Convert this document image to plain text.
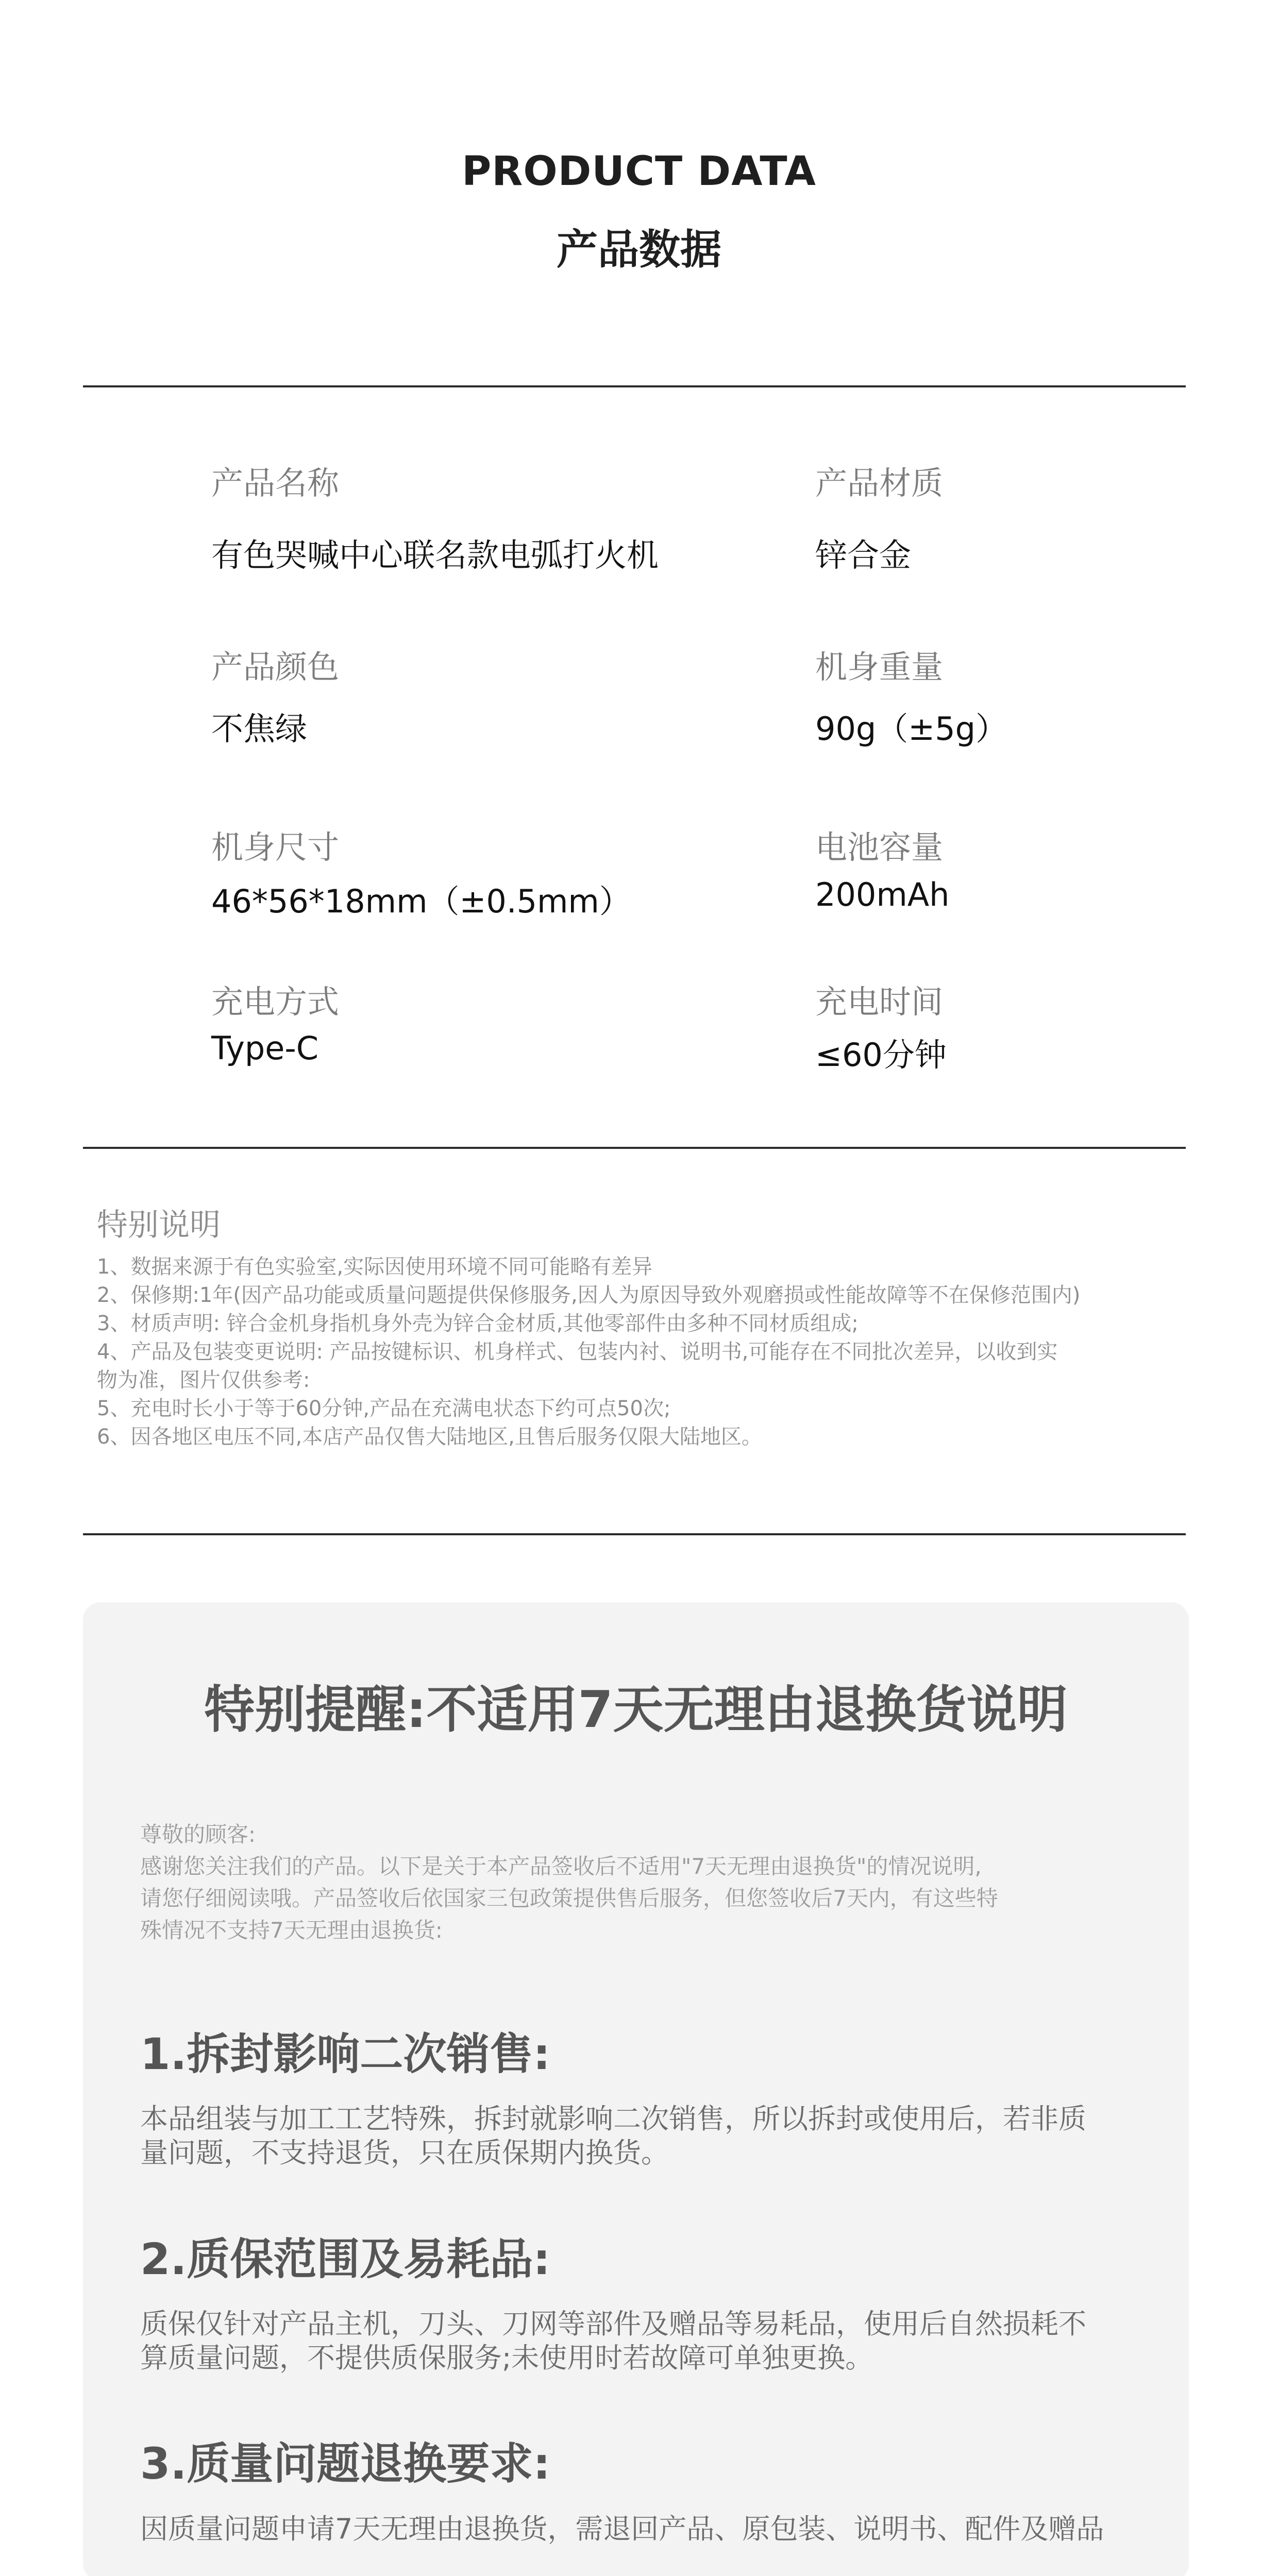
PRODUCT DATA
产品数据
产品名称
有色哭喊中心联名款电弧打火机
产品材质
锌合金
产品颜色
不焦绿
机身重量
90g（±5g）
机身尺寸
46*56*18mm（±0.5mm）
电池容量
200mAh
充电方式
Type-C
充电时间
≤60分钟
特别说明
1、数据来源于有色实验室,实际因使用环境不同可能略有差异
2、保修期:1年(因产品功能或质量问题提供保修服务,因人为原因导致外观磨损或性能故障等不在保修范围内)
3、材质声明: 锌合金机身指机身外壳为锌合金材质,其他零部件由多种不同材质组成;
4、产品及包装变更说明: 产品按键标识、机身样式、包装内衬、说明书,可能存在不同批次差异，以收到实
物为准，图片仅供参考:
5、充电时长小于等于60分钟,产品在充满电状态下约可点50次;
6、因各地区电压不同,本店产品仅售大陆地区,且售后服务仅限大陆地区。
特别提醒:不适用7天无理由退换货说明
尊敬的顾客:
感谢您关注我们的产品。以下是关于本产品签收后不适用"7天无理由退换货"的情况说明,
请您仔细阅读哦。产品签收后依国家三包政策提供售后服务，但您签收后7天内，有这些特
殊情况不支持7天无理由退换货:
1.拆封影响二次销售:
本品组装与加工工艺特殊，拆封就影响二次销售，所以拆封或使用后，若非质
量问题，不支持退货，只在质保期内换货。
2.质保范围及易耗品:
质保仅针对产品主机，刀头、刀网等部件及赠品等易耗品，使用后自然损耗不
算质量问题，不提供质保服务;未使用时若故障可单独更换。
3.质量问题退换要求:
因质量问题申请7天无理由退换货，需退回产品、原包装、说明书、配件及赠品
